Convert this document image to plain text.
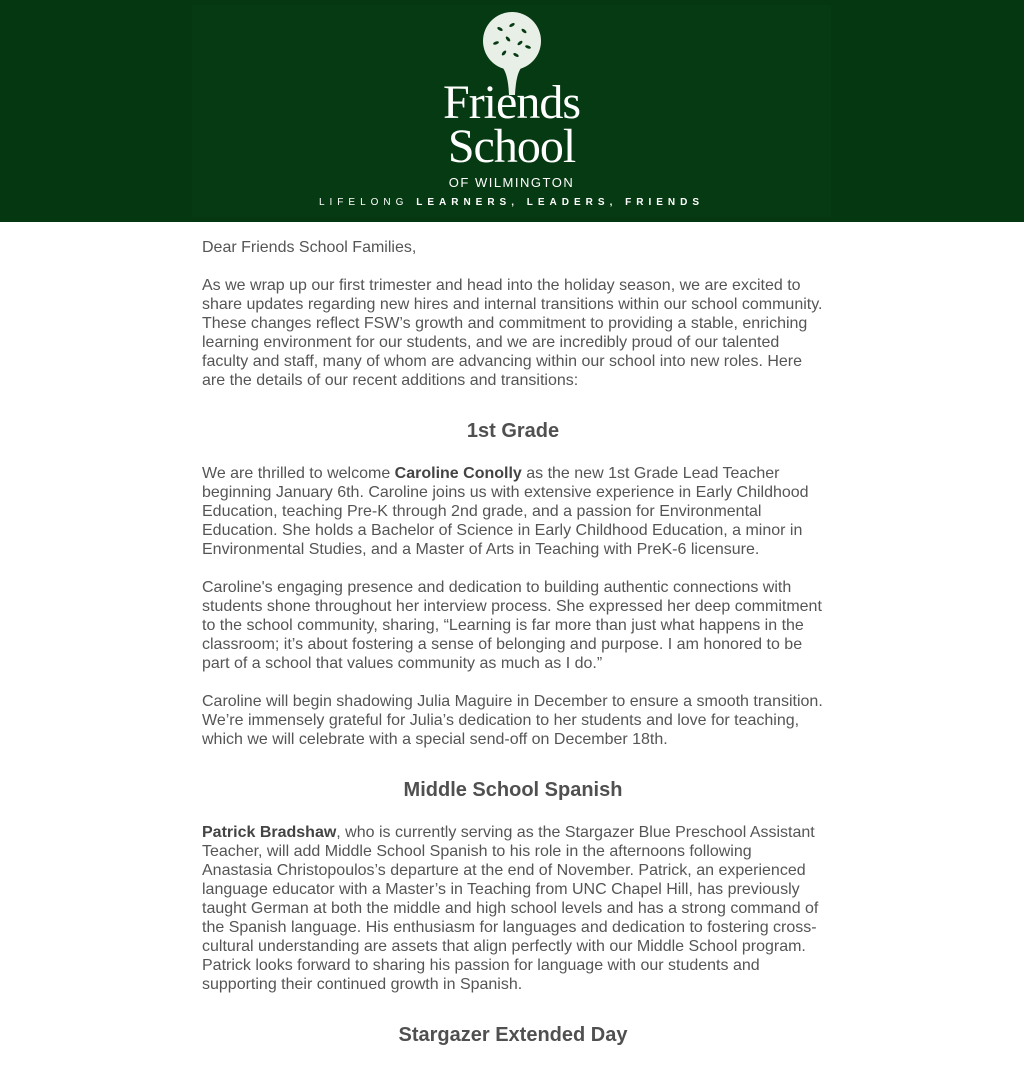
Friends
School
OF WILMINGTON
LIFELONG LEARNERS, LEADERS, FRIENDS

Dear Friends School Families,

As we wrap up our first trimester and head into the holiday season, we are excited to share updates regarding new hires and internal transitions within our school community. These changes reflect FSW’s growth and commitment to providing a stable, enriching learning environment for our students, and we are incredibly proud of our talented faculty and staff, many of whom are advancing within our school into new roles. Here are the details of our recent additions and transitions:

1st Grade

We are thrilled to welcome Caroline Conolly as the new 1st Grade Lead Teacher beginning January 6th. Caroline joins us with extensive experience in Early Childhood Education, teaching Pre-K through 2nd grade, and a passion for Environmental Education. She holds a Bachelor of Science in Early Childhood Education, a minor in Environmental Studies, and a Master of Arts in Teaching with PreK-6 licensure.

Caroline's engaging presence and dedication to building authentic connections with students shone throughout her interview process. She expressed her deep commitment to the school community, sharing, “Learning is far more than just what happens in the classroom; it’s about fostering a sense of belonging and purpose. I am honored to be part of a school that values community as much as I do.”

Caroline will begin shadowing Julia Maguire in December to ensure a smooth transition. We’re immensely grateful for Julia’s dedication to her students and love for teaching, which we will celebrate with a special send-off on December 18th.

Middle School Spanish

Patrick Bradshaw, who is currently serving as the Stargazer Blue Preschool Assistant Teacher, will add Middle School Spanish to his role in the afternoons following Anastasia Christopoulos’s departure at the end of November. Patrick, an experienced language educator with a Master’s in Teaching from UNC Chapel Hill, has previously taught German at both the middle and high school levels and has a strong command of the Spanish language. His enthusiasm for languages and dedication to fostering cross-cultural understanding are assets that align perfectly with our Middle School program. Patrick looks forward to sharing his passion for language with our students and supporting their continued growth in Spanish.

Stargazer Extended Day
